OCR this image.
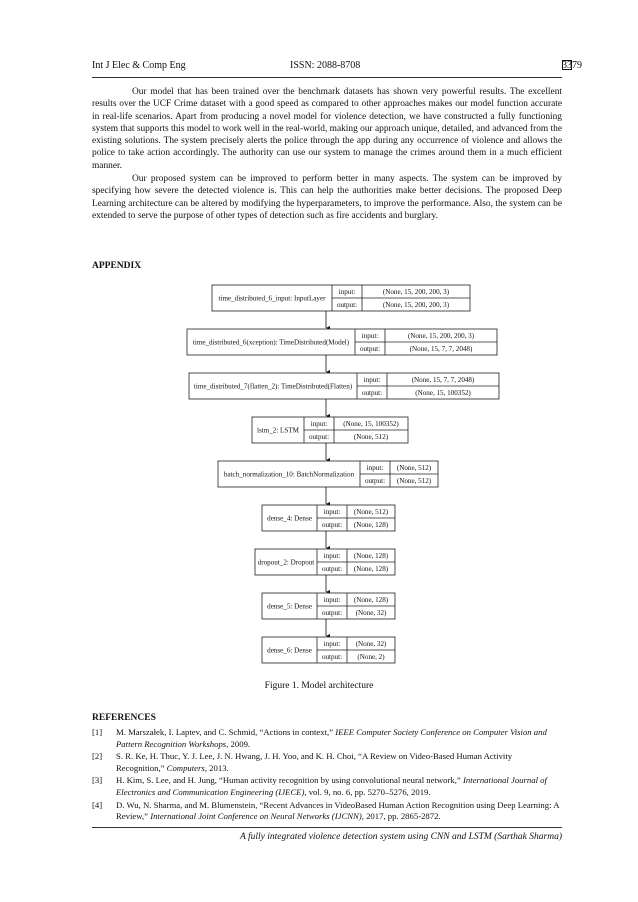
Int J Elec & Comp Eng	ISSN: 2088-8708	3379

Our model that has been trained over the benchmark datasets has shown very powerful results. The excellent results over the UCF Crime dataset with a good speed as compared to other approaches makes our model function accurate in real-life scenarios. Apart from producing a novel model for violence detection, we have constructed a fully functioning system that supports this model to work well in the real-world, making our approach unique, detailed, and advanced from the existing solutions. The system precisely alerts the police through the app during any occurrence of violence and allows the police to take action accordingly. The authority can use our system to manage the crimes around them in a much efficient manner.

Our proposed system can be improved to perform better in many aspects. The system can be improved by specifying how severe the detected violence is. This can help the authorities make better decisions. The proposed Deep Learning architecture can be altered by modifying the hyperparameters, to improve the performance. Also, the system can be extended to serve the purpose of other types of detection such as fire accidents and burglary.

APPENDIX
time_distributed_6_input: InputLayer
input:
output:
(None, 15, 200, 200, 3)
(None, 15, 200, 200, 3)
time_distributed_6(xception): TimeDistributed(Model)
input:
output:
(None, 15, 200, 200, 3)
(None, 15, 7, 7, 2048)
time_distributed_7(flatten_2): TimeDistributed(Flatten)
input:
output:
(None, 15, 7, 7, 2048)
(None, 15, 100352)
lstm_2: LSTM
input:
output:
(None, 15, 100352)
(None, 512)
batch_normalization_10: BatchNormalization
input:
output:
(None, 512)
(None, 512)
dense_4: Dense
input:
output:
(None, 512)
(None, 128)
dropout_2: Dropout
input:
output:
(None, 128)
(None, 128)
dense_5: Dense
input:
output:
(None, 128)
(None, 32)
dense_6: Dense
input:
output:
(None, 32)
(None, 2)

Figure 1. Model architecture

REFERENCES
[1] M. Marszałek, I. Laptev, and C. Schmid, “Actions in context,” IEEE Computer Society Conference on Computer Vision and Pattern Recognition Workshops, 2009.
[2] S. R. Ke, H. Thuc, Y. J. Lee, J. N. Hwang, J. H. Yoo, and K. H. Choi, “A Review on Video-Based Human Activity Recognition,” Computers, 2013.
[3] H. Kim, S. Lee, and H. Jung, “Human activity recognition by using convolutional neural network,” International Journal of Electronics and Communication Engineering (IJECE), vol. 9, no. 6, pp. 5270–5276, 2019.
[4] D. Wu, N. Sharma, and M. Blumenstein, “Recent Advances in VideoBased Human Action Recognition using Deep Learning: A Review,” International Joint Conference on Neural Networks (IJCNN), 2017, pp. 2865-2872.

A fully integrated violence detection system using CNN and LSTM (Sarthak Sharma)
